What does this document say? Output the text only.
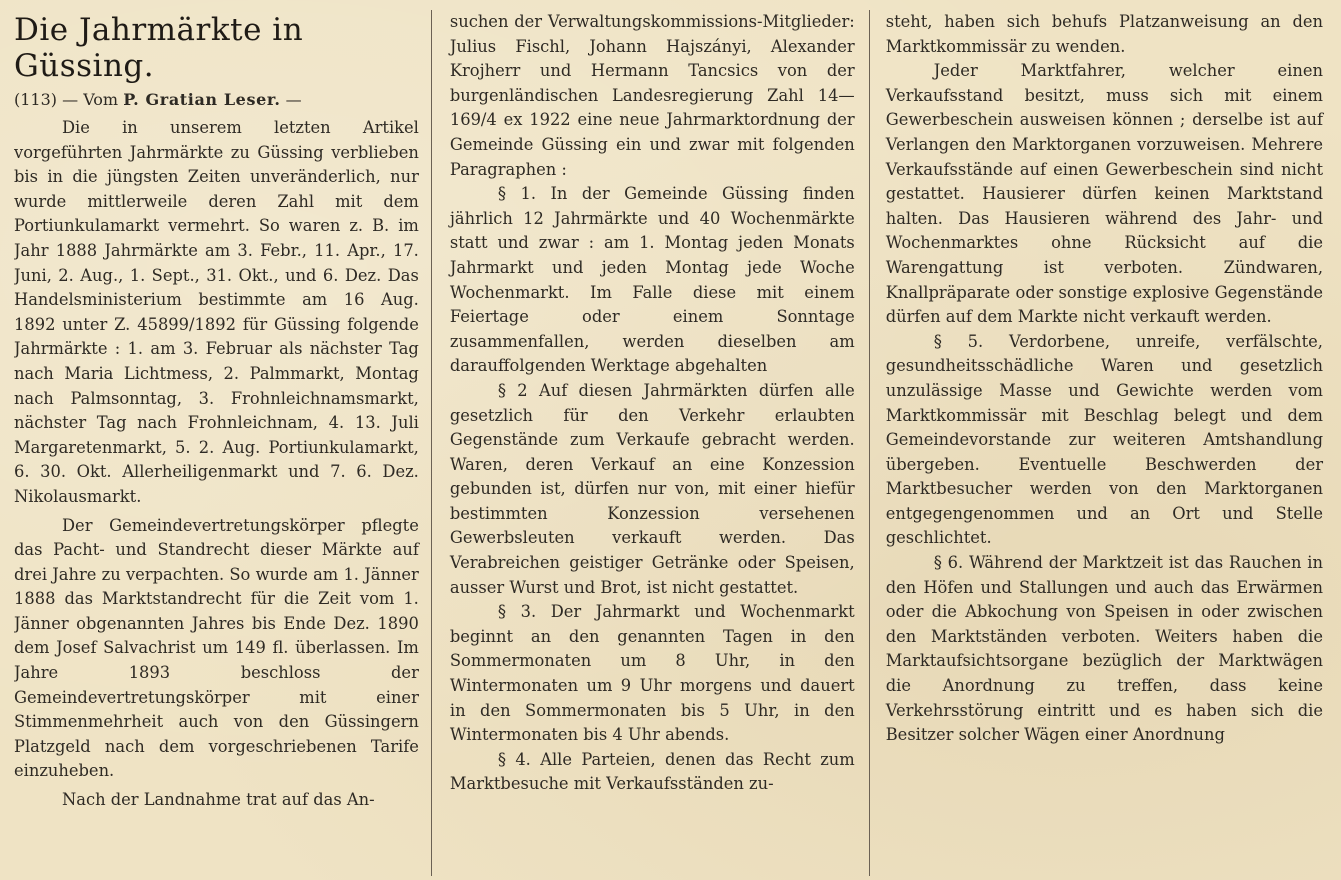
Die Jahrmärkte in Güssing.
(113) — Vom P. Gratian Leser. —

Die in unserem letzten Artikel vorgeführten Jahrmärkte zu Güssing verblieben bis in die jüngsten Zeiten unveränderlich, nur wurde mittlerweile deren Zahl mit dem Portiunkulamarkt vermehrt. So waren z. B. im Jahr 1888 Jahrmärkte am 3. Febr., 11. Apr., 17. Juni, 2. Aug., 1. Sept., 31. Okt., und 6. Dez. Das Handelsministerium bestimmte am 16 Aug. 1892 unter Z. 45899/1892 für Güssing folgende Jahrmärkte : 1. am 3. Februar als nächster Tag nach Maria Lichtmess, 2. Palmmarkt, Montag nach Palmsonntag, 3. Frohnleichnamsmarkt, nächster Tag nach Frohnleichnam, 4. 13. Juli Margaretenmarkt, 5. 2. Aug. Portiunkulamarkt, 6. 30. Okt. Allerheiligenmarkt und 7. 6. Dez. Nikolausmarkt.

Der Gemeindevertretungskörper pflegte das Pacht- und Standrecht dieser Märkte auf drei Jahre zu verpachten. So wurde am 1. Jänner 1888 das Marktstandrecht für die Zeit vom 1. Jänner obgenannten Jahres bis Ende Dez. 1890 dem Josef Salvachrist um 149 fl. überlassen. Im Jahre 1893 beschloss der Gemeindevertretungskörper mit einer Stimmenmehrheit auch von den Güssingern Platzgeld nach dem vorgeschriebenen Tarife einzuheben.

Nach der Landnahme trat auf das An-

suchen der Verwaltungskommissions-Mitglieder: Julius Fischl, Johann Hajszányi, Alexander Krojherr und Hermann Tancsics von der burgenländischen Landesregierung Zahl 14—169/4 ex 1922 eine neue Jahrmarktordnung der Gemeinde Güssing ein und zwar mit folgenden Paragraphen :

§ 1. In der Gemeinde Güssing finden jährlich 12 Jahrmärkte und 40 Wochenmärkte statt und zwar : am 1. Montag jeden Monats Jahrmarkt und jeden Montag jede Woche Wochenmarkt. Im Falle diese mit einem Feiertage oder einem Sonntage zusammenfallen, werden dieselben am darauffolgenden Werktage abgehalten

§ 2 Auf diesen Jahrmärkten dürfen alle gesetzlich für den Verkehr erlaubten Gegenstände zum Verkaufe gebracht werden. Waren, deren Verkauf an eine Konzession gebunden ist, dürfen nur von, mit einer hiefür bestimmten Konzession versehenen Gewerbsleuten verkauft werden. Das Verabreichen geistiger Getränke oder Speisen, ausser Wurst und Brot, ist nicht gestattet.

§ 3. Der Jahrmarkt und Wochenmarkt beginnt an den genannten Tagen in den Sommermonaten um 8 Uhr, in den Wintermonaten um 9 Uhr morgens und dauert in den Sommermonaten bis 5 Uhr, in den Wintermonaten bis 4 Uhr abends.

§ 4. Alle Parteien, denen das Recht zum Marktbesuche mit Verkaufsständen zu-

steht, haben sich behufs Platzanweisung an den Marktkommissär zu wenden.

Jeder Marktfahrer, welcher einen Verkaufsstand besitzt, muss sich mit einem Gewerbeschein ausweisen können ; derselbe ist auf Verlangen den Marktorganen vorzuweisen. Mehrere Verkaufsstände auf einen Gewerbeschein sind nicht gestattet. Hausierer dürfen keinen Marktstand halten. Das Hausieren während des Jahr- und Wochenmarktes ohne Rücksicht auf die Warengattung ist verboten. Zündwaren, Knallpräparate oder sonstige explosive Gegenstände dürfen auf dem Markte nicht verkauft werden.

§ 5. Verdorbene, unreife, verfälschte, gesundheitsschädliche Waren und gesetzlich unzulässige Masse und Gewichte werden vom Marktkommissär mit Beschlag belegt und dem Gemeindevorstande zur weiteren Amtshandlung übergeben. Eventuelle Beschwerden der Marktbesucher werden von den Marktorganen entgegengenommen und an Ort und Stelle geschlichtet.

§ 6. Während der Marktzeit ist das Rauchen in den Höfen und Stallungen und auch das Erwärmen oder die Abkochung von Speisen in oder zwischen den Marktständen verboten. Weiters haben die Marktaufsichtsorgane bezüglich der Marktwägen die Anordnung zu treffen, dass keine Verkehrsstörung eintritt und es haben sich die Besitzer solcher Wägen einer Anordnung
